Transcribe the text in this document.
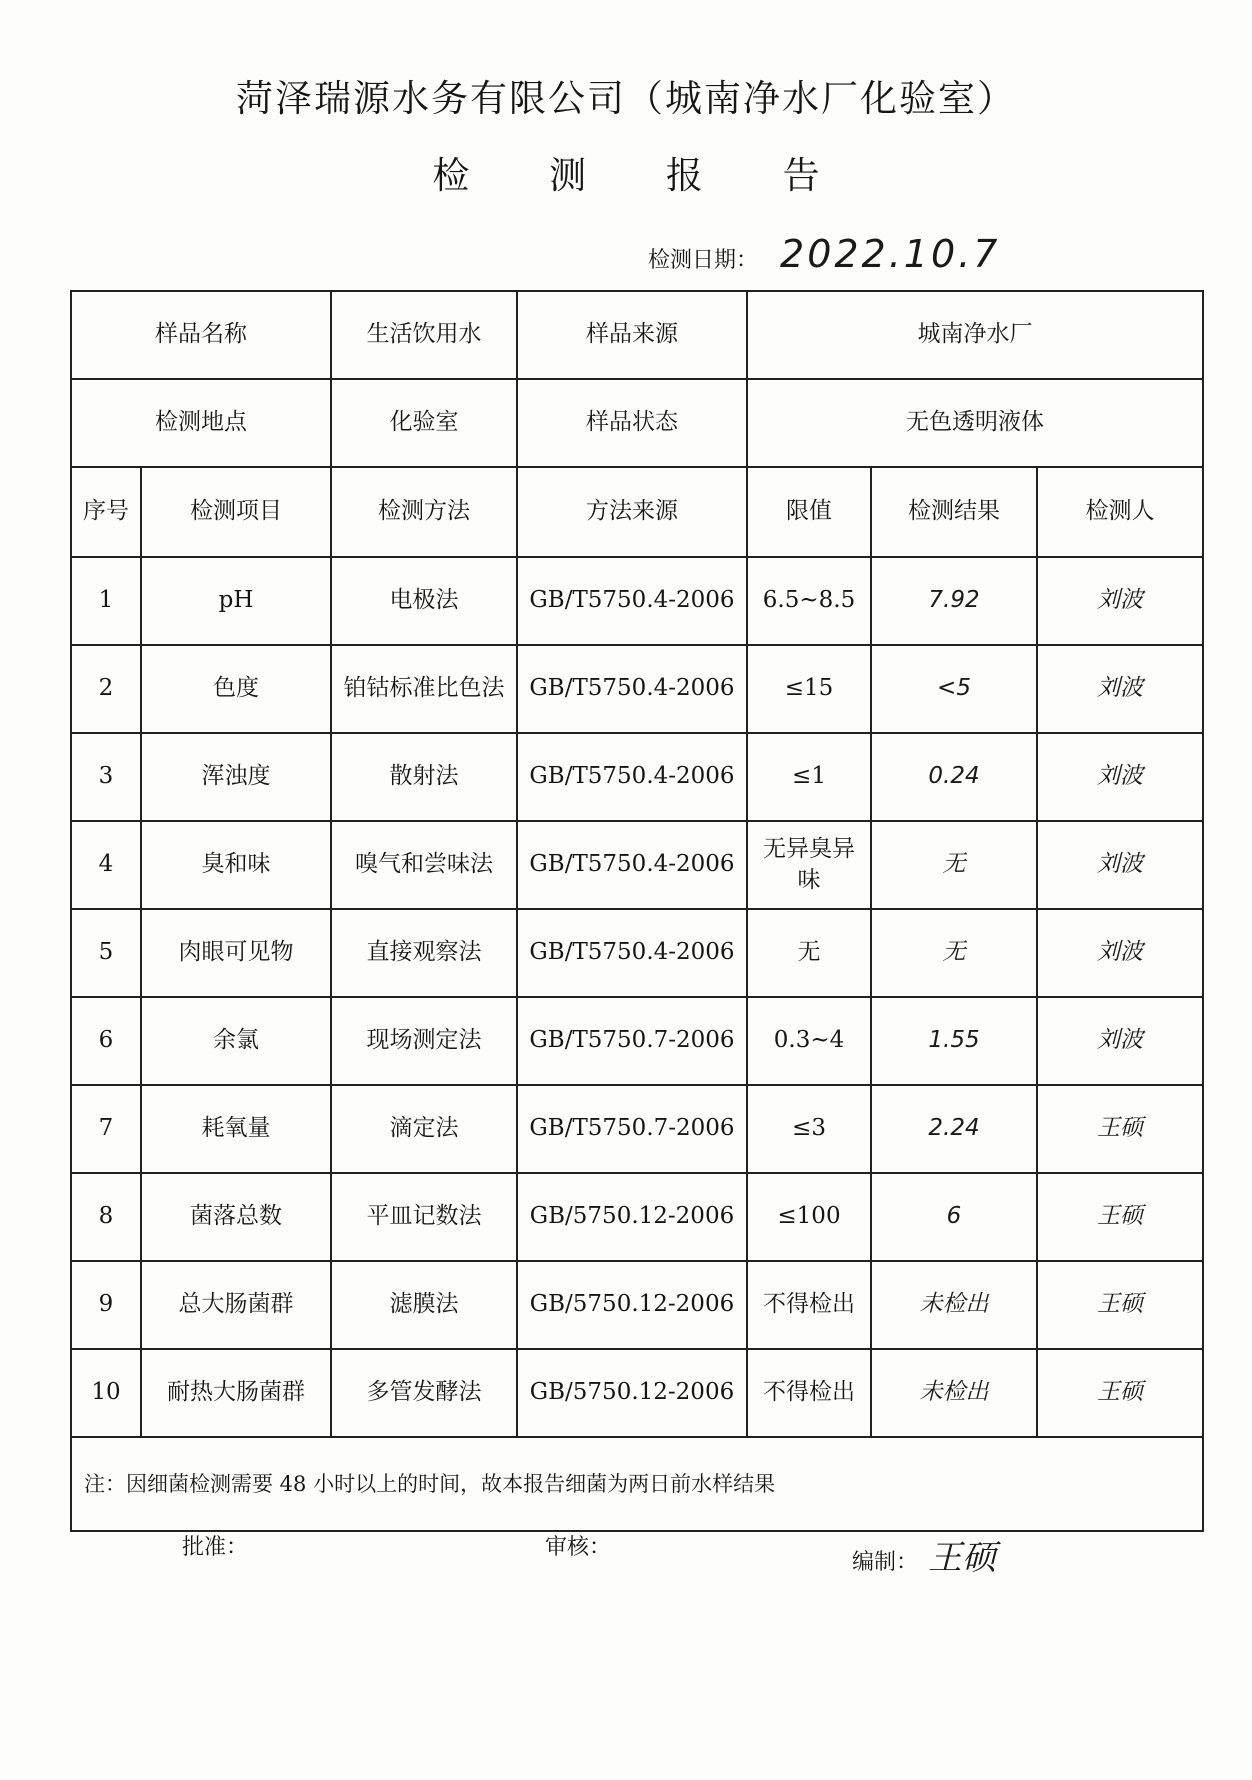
菏泽瑞源水务有限公司（城南净水厂化验室）
检 测 报 告
检测日期： 2022.10.7
样品名称		生活饮用水	样品来源	城南净水厂		
检测地点		化验室	样品状态	无色透明液体		
序号	检测项目	检测方法	方法来源	限值	检测结果	检测人
1	pH	电极法	GB/T5750.4-2006	6.5~8.5	7.92	刘波
2	色度	铂钴标准比色法	GB/T5750.4-2006	≤15	<5	刘波
3	浑浊度	散射法	GB/T5750.4-2006	≤1	0.24	刘波
4	臭和味	嗅气和尝味法	GB/T5750.4-2006	无异臭异味	无	刘波
5	肉眼可见物	直接观察法	GB/T5750.4-2006	无	无	刘波
6	余氯	现场测定法	GB/T5750.7-2006	0.3~4	1.55	刘波
7	耗氧量	滴定法	GB/T5750.7-2006	≤3	2.24	王硕
8	菌落总数	平皿记数法	GB/5750.12-2006	≤100	6	王硕
9	总大肠菌群	滤膜法	GB/5750.12-2006	不得检出	未检出	王硕
10	耐热大肠菌群	多管发酵法	GB/5750.12-2006	不得检出	未检出	王硕
注：因细菌检测需要 48 小时以上的时间，故本报告细菌为两日前水样结果						
批准：	审核：
编制： 王硕
